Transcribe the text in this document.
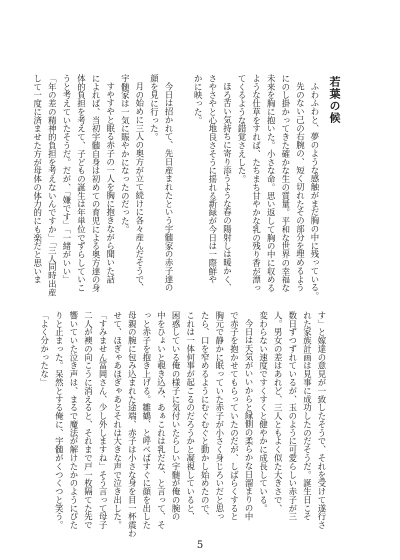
若葉の候
ふわふわと、夢のような感触がまだ胸の中に残っている。
先のない己の右腕の、短く切れたその部分を埋めるよう
にのし掛かってきた確かな生の質量。平和な世界の幸福な
未来を胸に抱いた。小さな命。思い返して胸の中に収める
ような仕草をすれば、たちまち甘やかな乳の残り香が漂っ
てくるような錯覚さえした。
ほろ苦い気持ちに寄り添うような春の陽射しは暖かく、
さやさやと心地良さそうに揺れる新緑が今日は一際鮮や
かに映った。
今日は招かれて、先日産まれたという宇髄家の赤子達の
顔を見に行った。
月の始めに三人の奥方が立て続けに各々産んだそうで、
宇髄家は一気に賑やかになったのだった。
すやすやと眠る赤子の一人を胸に抱きながら聞いた話
によれば、当初宇髄自身は初めての育児による奥方達の身
体的負担を考えて、子どもの誕生は年単位でずらしていこ
うと考えていたそうだ。だが、「嫌です」「一緒がいい」
「年の差の精神的負担を考えないんですか」「三人同時出産
して一度に済ませた方が母体の体力的にも楽だと思いま
す」と嫁達の意見が一致したそうで、それを受けて遂行さ
れた家族計画は見事に成功したのだそうだ。誕生日こそ
数日ずつずれているが、玉のように可愛らしい赤子が三
人。男女の差はあれど、三人ともよく似た大きさで、
変わらない速度ですくすくと健やかに成長している。
今日は天気がいいからと縁側の柔らかな日溜まりの中
で赤子を抱かせてもらっていたのだが、しばらくすると
胸元で静かに眠っていた赤子が小さく身じろいだと思っ
たら、口を窄めるようにむぐむぐと動かし始めたので、
これは一体何事が起こるのだろうかと凝視していると、
困惑している俺の様子に気付いたらしい宇髄が俺の腕の
中をひょいと覗き込み、あぁこれは乳だな、と言って、そ
っと赤子を抱き上げる。雛鶴、と呼べばすぐに顔を出した
母親の腕に包み込まれた途端、赤子は小さな身を目一杯震わ
せて、ほぎゃあほぎゃあとそれは大きな声で泣き出した。
「すみません冨岡さん、少し外しますね」そう言って母子
二人が襖の向こうに消えると、それまで戸一枚隔てた先で
響いていた泣き声は、まるで魔法が解けたかのようにぴた
りと止まった。呆然とする俺に、宇髄がくつくつと笑う。
「よく分かったな」
5
